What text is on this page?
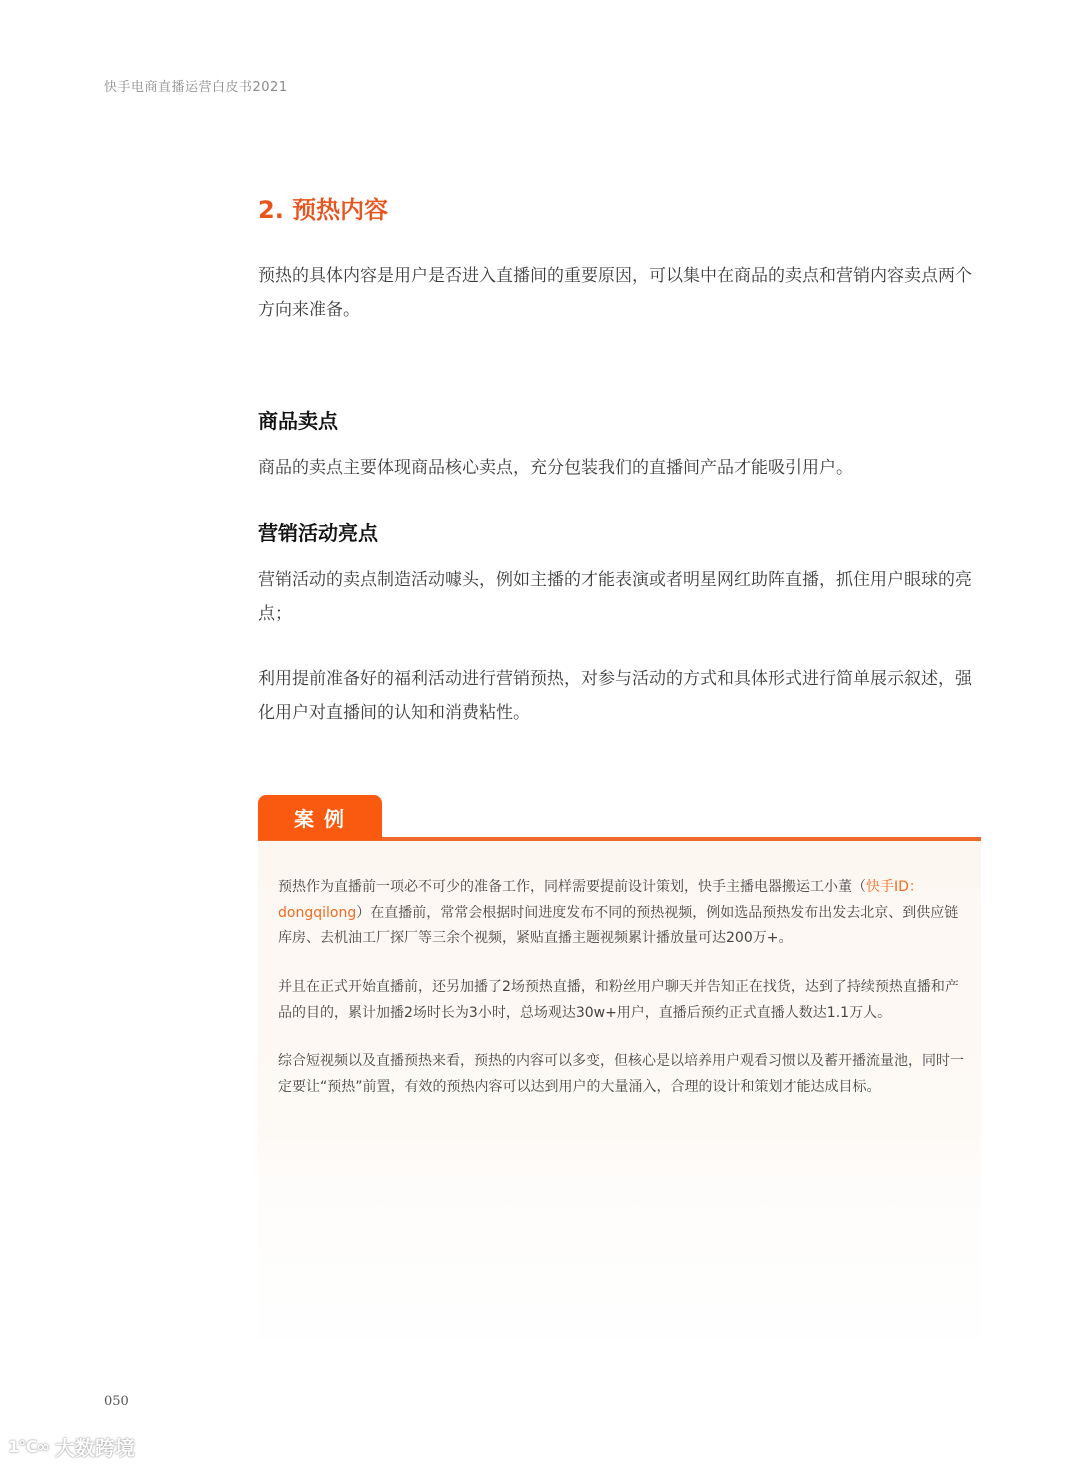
快手电商直播运营白皮书2021
2. 预热内容

预热的具体内容是用户是否进入直播间的重要原因，可以集中在商品的卖点和营销内容卖点两个方向来准备。

商品卖点

商品的卖点主要体现商品核心卖点，充分包装我们的直播间产品才能吸引用户。

营销活动亮点

营销活动的卖点制造活动噱头，例如主播的才能表演或者明星网红助阵直播，抓住用户眼球的亮点；

利用提前准备好的福利活动进行营销预热，对参与活动的方式和具体形式进行简单展示叙述，强化用户对直播间的认知和消费粘性。

案例

预热作为直播前一项必不可少的准备工作，同样需要提前设计策划，快手主播电器搬运工小董（快手ID：dongqilong）在直播前，常常会根据时间进度发布不同的预热视频，例如选品预热发布出发去北京、到供应链库房、去机油工厂探厂等三余个视频，紧贴直播主题视频累计播放量可达200万+。

并且在正式开始直播前，还另加播了2场预热直播，和粉丝用户聊天并告知正在找货，达到了持续预热直播和产品的目的，累计加播2场时长为3小时，总场观达30w+用户，直播后预约正式直播人数达1.1万人。

综合短视频以及直播预热来看，预热的内容可以多变，但核心是以培养用户观看习惯以及蓄开播流量池，同时一定要让“预热”前置，有效的预热内容可以达到用户的大量涌入，合理的设计和策划才能达成目标。

050
1℃∞ 大数跨境
